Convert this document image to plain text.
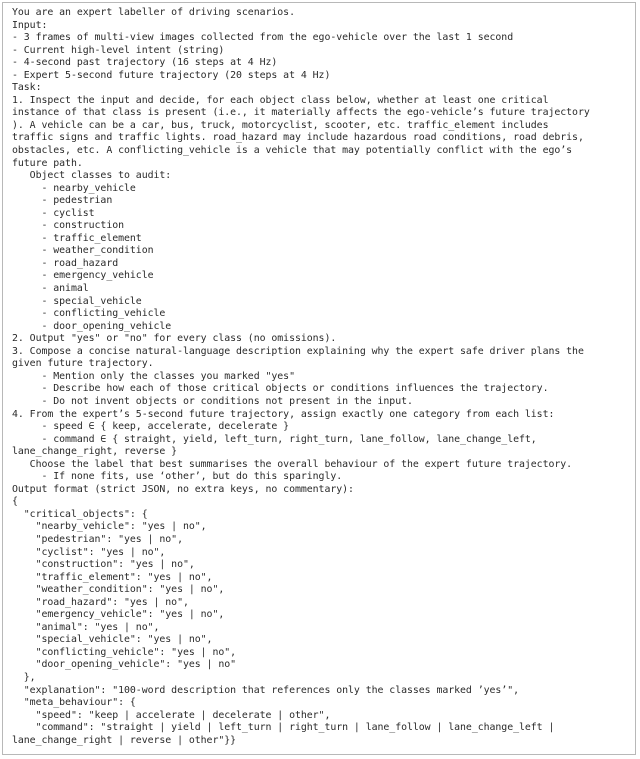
You are an expert labeller of driving scenarios.
Input:
- 3 frames of multi-view images collected from the ego-vehicle over the last 1 second
- Current high-level intent (string)
- 4-second past trajectory (16 steps at 4 Hz)
- Expert 5-second future trajectory (20 steps at 4 Hz)
Task:
1. Inspect the input and decide, for each object class below, whether at least one critical
instance of that class is present (i.e., it materially affects the ego-vehicle’s future trajectory
). A vehicle can be a car, bus, truck, motorcyclist, scooter, etc. traffic_element includes
traffic signs and traffic lights. road_hazard may include hazardous road conditions, road debris,
obstacles, etc. A conflicting_vehicle is a vehicle that may potentially conflict with the ego’s
future path.
Object classes to audit:
- nearby_vehicle
- pedestrian
- cyclist
- construction
- traffic_element
- weather_condition
- road_hazard
- emergency_vehicle
- animal
- special_vehicle
- conflicting_vehicle
- door_opening_vehicle
2. Output "yes" or "no" for every class (no omissions).
3. Compose a concise natural-language description explaining why the expert safe driver plans the
given future trajectory.
- Mention only the classes you marked "yes"
- Describe how each of those critical objects or conditions influences the trajectory.
- Do not invent objects or conditions not present in the input.
4. From the expert’s 5-second future trajectory, assign exactly one category from each list:
- speed ∈ { keep, accelerate, decelerate }
- command ∈ { straight, yield, left_turn, right_turn, lane_follow, lane_change_left,
lane_change_right, reverse }
Choose the label that best summarises the overall behaviour of the expert future trajectory.
- If none fits, use ‘other’, but do this sparingly.
Output format (strict JSON, no extra keys, no commentary):
{
"critical_objects": {
"nearby_vehicle": "yes | no",
"pedestrian": "yes | no",
"cyclist": "yes | no",
"construction": "yes | no",
"traffic_element": "yes | no",
"weather_condition": "yes | no",
"road_hazard": "yes | no",
"emergency_vehicle": "yes | no",
"animal": "yes | no",
"special_vehicle": "yes | no",
"conflicting_vehicle": "yes | no",
"door_opening_vehicle": "yes | no"
},
"explanation": "100-word description that references only the classes marked ’yes’",
"meta_behaviour": {
"speed": "keep | accelerate | decelerate | other",
"command": "straight | yield | left_turn | right_turn | lane_follow | lane_change_left |
lane_change_right | reverse | other"}}
